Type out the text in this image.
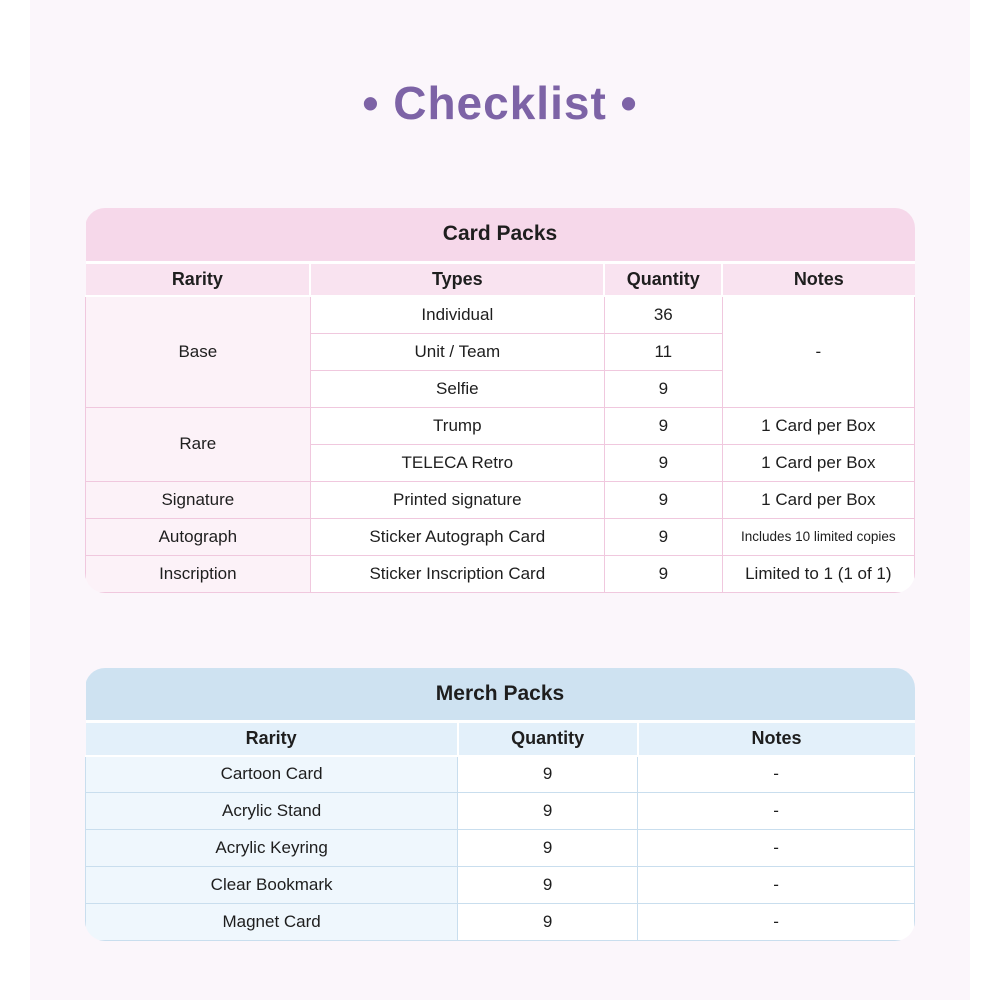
• Checklist •
Card Packs			
Rarity	Types	Quantity	Notes
Base	Individual	36	-
	Unit / Team	11	
	Selfie	9	
Rare	Trump	9	1 Card per Box
	TELECA Retro	9	1 Card per Box
Signature	Printed signature	9	1 Card per Box
Autograph	Sticker Autograph Card	9	Includes 10 limited copies
Inscription	Sticker Inscription Card	9	Limited to 1 (1 of 1)
Merch Packs		
Rarity	Quantity	Notes
Cartoon Card	9	-
Acrylic Stand	9	-
Acrylic Keyring	9	-
Clear Bookmark	9	-
Magnet Card	9	-
